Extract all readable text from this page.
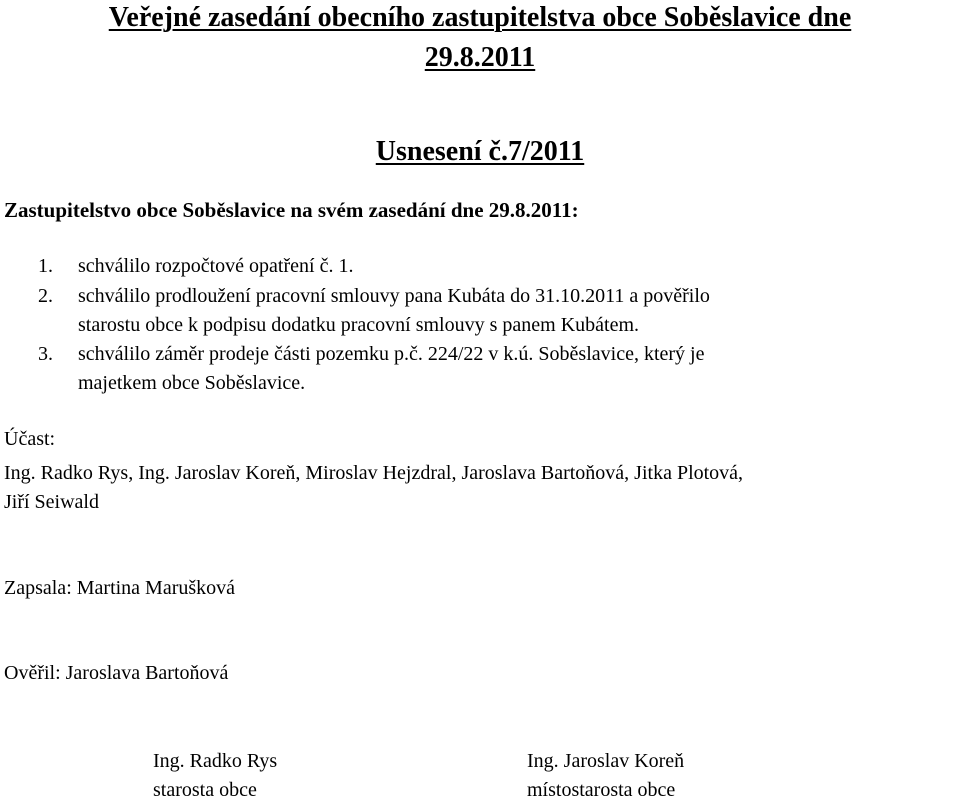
Veřejné zasedání obecního zastupitelstva obce Soběslavice dne
29.8.2011
Usnesení č.7/2011
Zastupitelstvo obce Soběslavice na svém zasedání dne 29.8.2011:
1. schválilo rozpočtové opatření č. 1.
2. schválilo prodloužení pracovní smlouvy pana Kubáta do 31.10.2011 a pověřilo
starostu obce k podpisu dodatku pracovní smlouvy s panem Kubátem.
3. schválilo záměr prodeje části pozemku p.č. 224/22 v k.ú. Soběslavice, který je
majetkem obce Soběslavice.
Účast:
Ing. Radko Rys, Ing. Jaroslav Koreň, Miroslav Hejzdral, Jaroslava Bartoňová, Jitka Plotová,
Jiří Seiwald
Zapsala: Martina Marušková
Ověřil: Jaroslava Bartoňová
Ing. Radko Rys
starosta obce
Ing. Jaroslav Koreň
místostarosta obce
